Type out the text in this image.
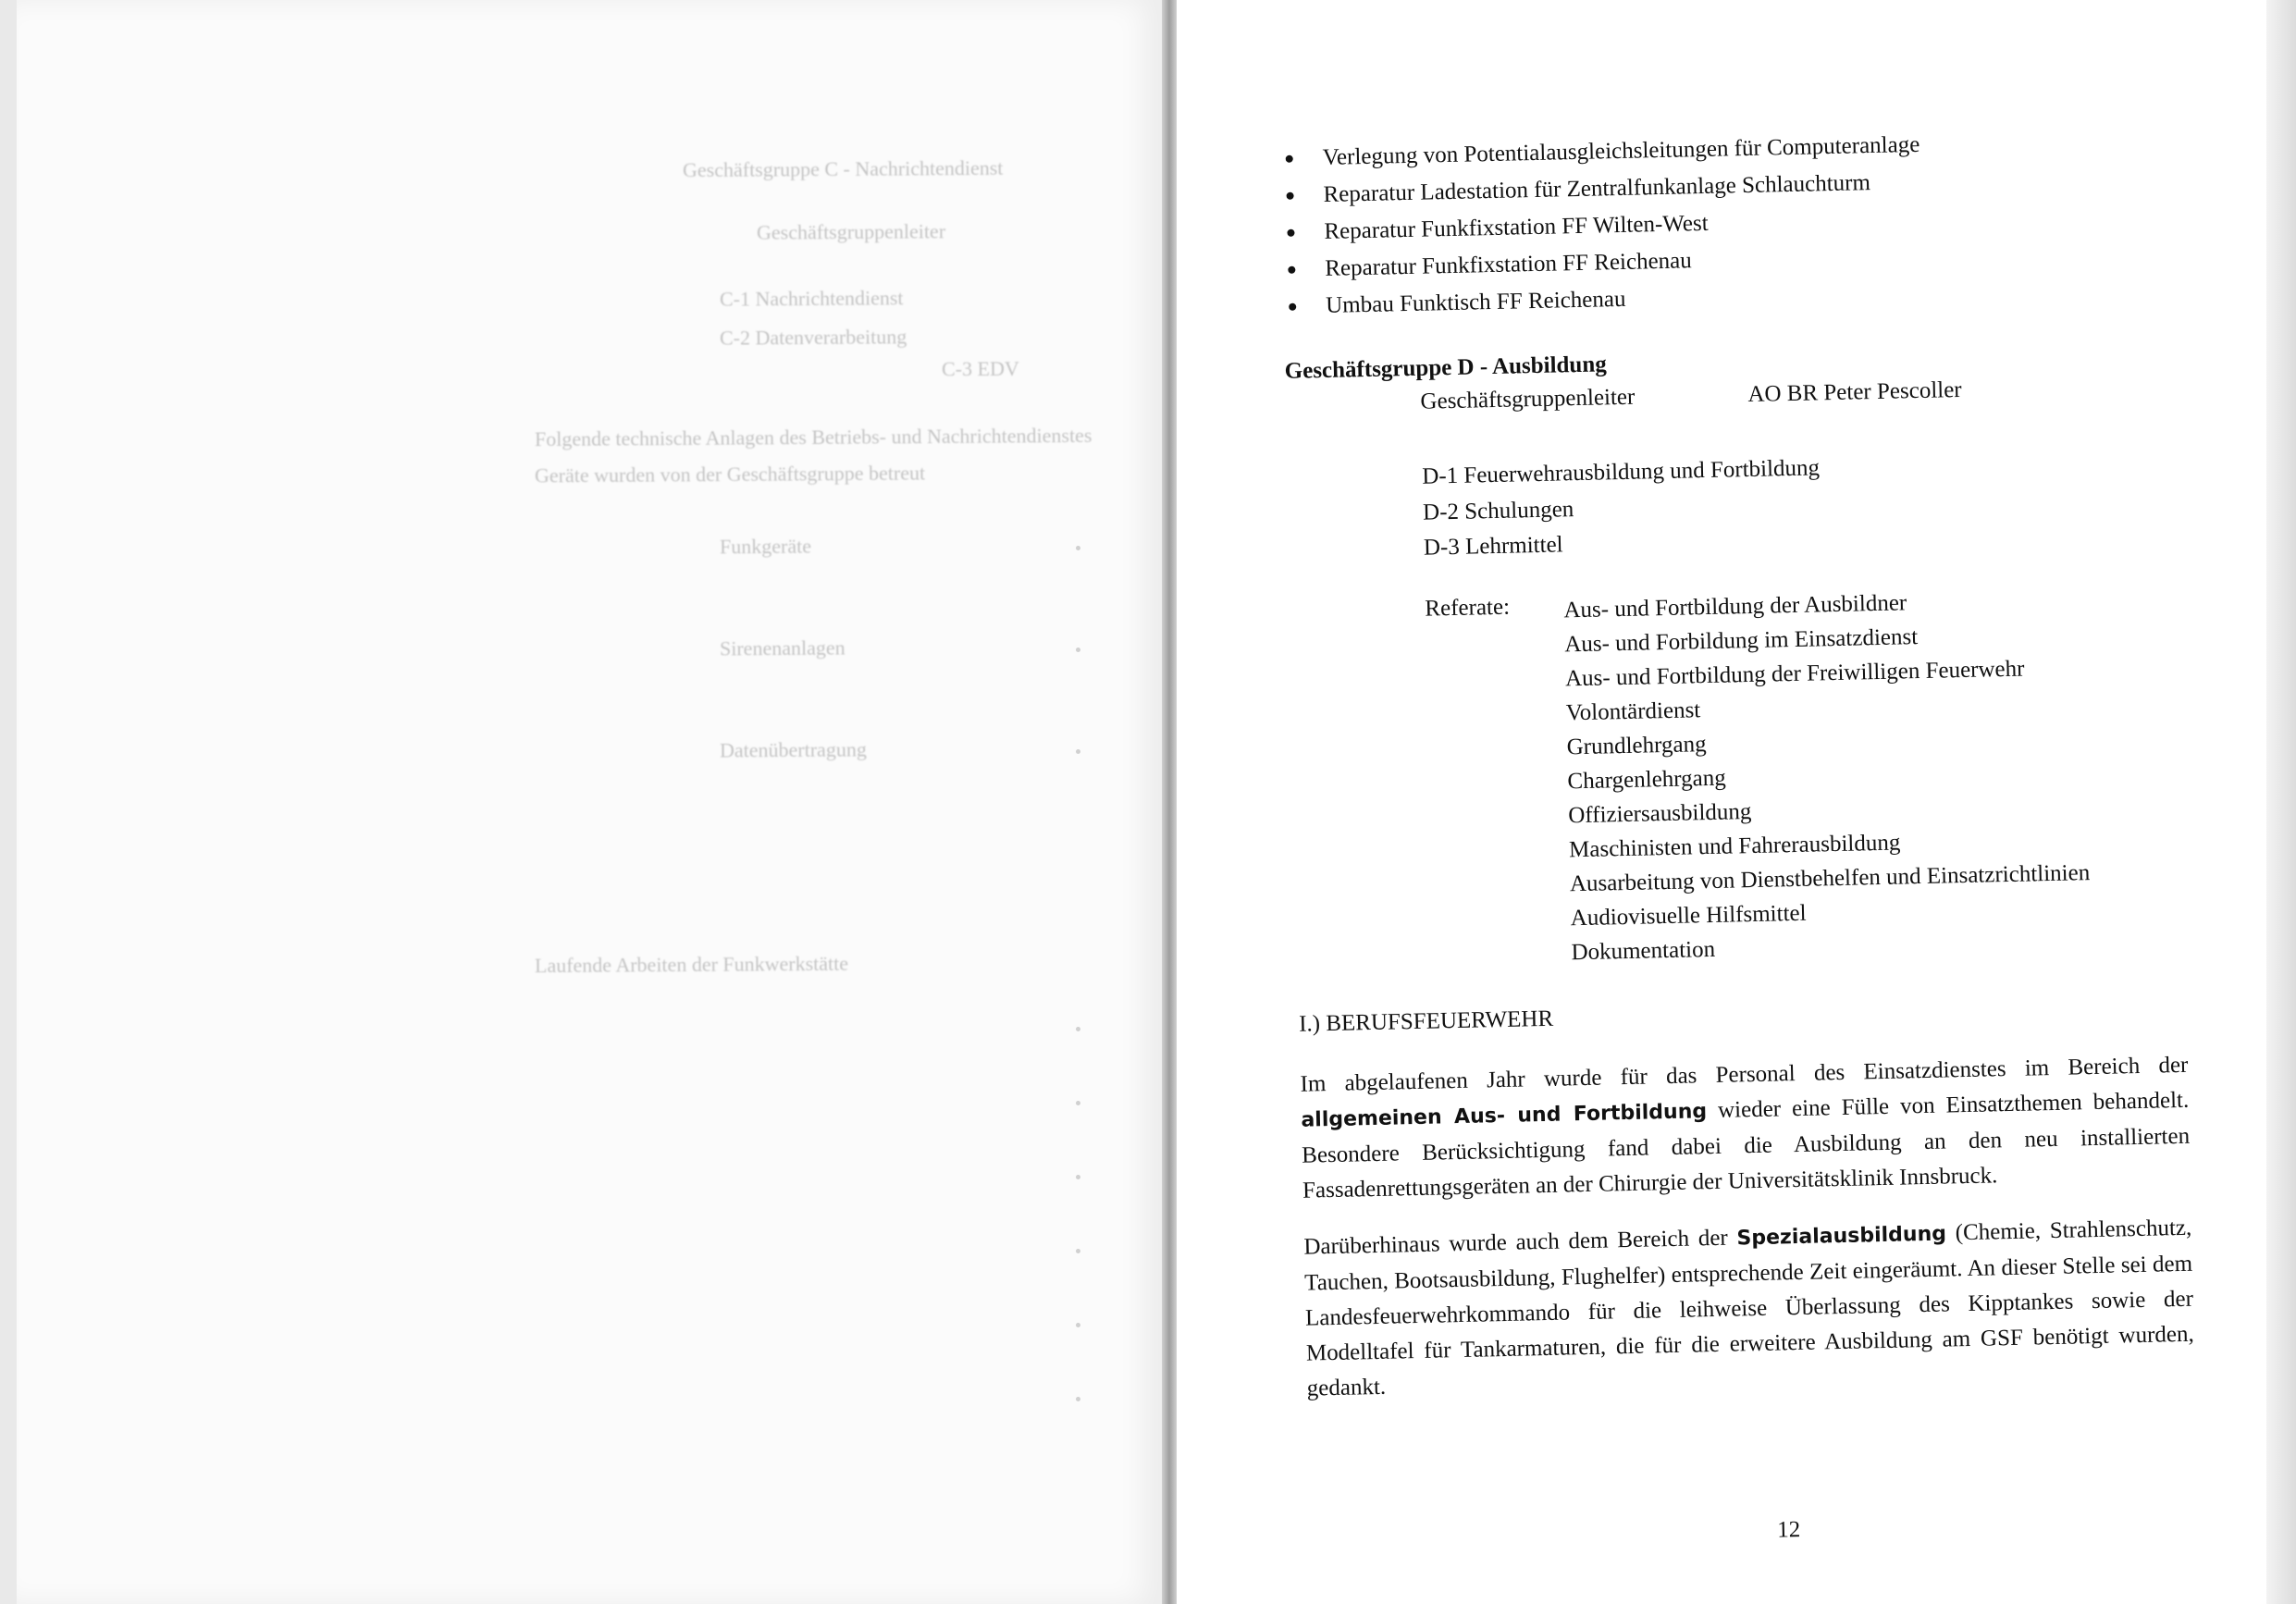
Geschäftsgruppe C - Nachrichtendienst
Geschäftsgruppenleiter
C-1 Nachrichtendienst
C-2 Datenverarbeitung
C-3 EDV
Folgende technische Anlagen des Betriebs- und Nachrichtendienstes
Geräte wurden von der Geschäftsgruppe betreut
Funkgeräte
Sirenenanlagen
Datenübertragung
Laufende Arbeiten der Funkwerkstätte
Verlegung von Potentialausgleichsleitungen für Computeranlage
Reparatur Ladestation für Zentralfunkanlage Schlauchturm
Reparatur Funkfixstation FF Wilten-West
Reparatur Funkfixstation FF Reichenau
Umbau Funktisch FF Reichenau
Geschäftsgruppe D - Ausbildung
Geschäftsgruppenleiter	AO BR Peter Pescoller
D-1 Feuerwehrausbildung und Fortbildung
D-2 Schulungen
D-3 Lehrmittel
Referate: Aus- und Fortbildung der Ausbildner
Aus- und Forbildung im Einsatzdienst
Aus- und Fortbildung der Freiwilligen Feuerwehr
Volontärdienst
Grundlehrgang
Chargenlehrgang
Offiziersausbildung
Maschinisten und Fahrerausbildung
Ausarbeitung von Dienstbehelfen und Einsatzrichtlinien
Audiovisuelle Hilfsmittel
Dokumentation
I.) BERUFSFEUERWEHR

Im abgelaufenen Jahr wurde für das Personal des Einsatzdienstes im Bereich der allgemeinen Aus- und Fortbildung wieder eine Fülle von Einsatzthemen behandelt. Besondere Berücksichtigung fand dabei die Ausbildung an den neu installierten Fassadenrettungsgeräten an der Chirurgie der Universitätsklinik Innsbruck.

Darüberhinaus wurde auch dem Bereich der Spezialausbildung (Chemie, Strahlenschutz, Tauchen, Bootsausbildung, Flughelfer) entsprechende Zeit eingeräumt. An dieser Stelle sei dem Landesfeuerwehrkommando für die leihweise Überlassung des Kipptankes sowie der Modelltafel für Tankarmaturen, die für die erweitere Ausbildung am GSF benötigt wurden, gedankt.

12
